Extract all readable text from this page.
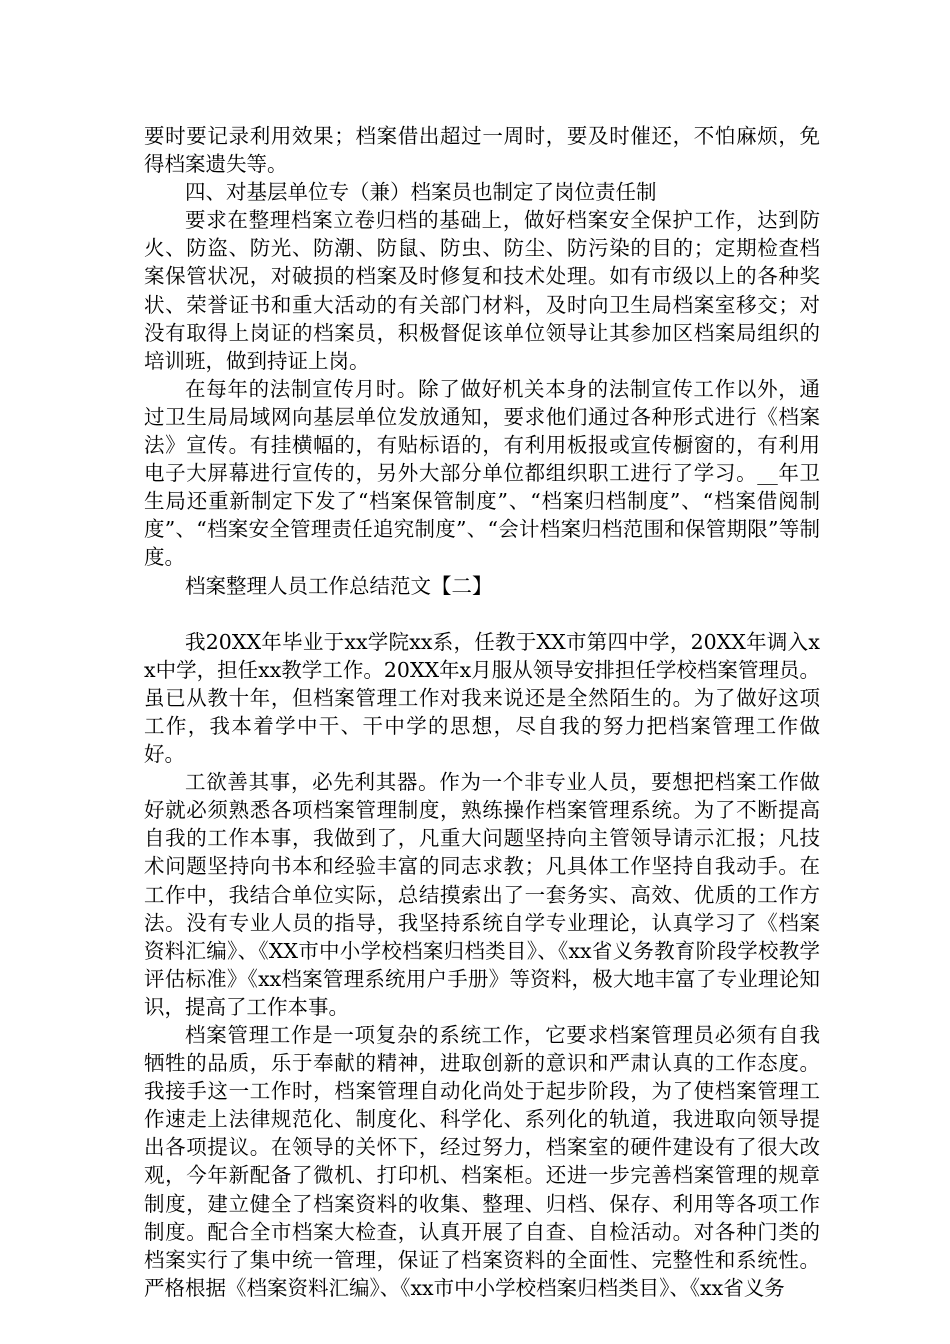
要时要记录利用效果；档案借出超过一周时，要及时催还，不怕麻烦，免得档案遗失等。

四、对基层单位专（兼）档案员也制定了岗位责任制

要求在整理档案立卷归档的基础上，做好档案安全保护工作，达到防火、防盗、防光、防潮、防鼠、防虫、防尘、防污染的目的；定期检查档案保管状况，对破损的档案及时修复和技术处理。如有市级以上的各种奖状、荣誉证书和重大活动的有关部门材料，及时向卫生局档案室移交；对没有取得上岗证的档案员，积极督促该单位领导让其参加区档案局组织的培训班，做到持证上岗。

在每年的法制宣传月时。除了做好机关本身的法制宣传工作以外，通过卫生局局域网向基层单位发放通知，要求他们通过各种形式进行《档案法》宣传。有挂横幅的，有贴标语的，有利用板报或宣传橱窗的，有利用电子大屏幕进行宣传的，另外大部分单位都组织职工进行了学习。__年卫生局还重新制定下发了“档案保管制度”、“档案归档制度”、“档案借阅制度”、“档案安全管理责任追究制度”、“会计档案归档范围和保管期限”等制度。

档案整理人员工作总结范文【二】

我20XX年毕业于xx学院xx系，任教于XX市第四中学，20XX年调入xx中学，担任xx教学工作。20XX年x月服从领导安排担任学校档案管理员。虽已从教十年，但档案管理工作对我来说还是全然陌生的。为了做好这项工作，我本着学中干、干中学的思想，尽自我的努力把档案管理工作做好。

工欲善其事，必先利其器。作为一个非专业人员，要想把档案工作做好就必须熟悉各项档案管理制度，熟练操作档案管理系统。为了不断提高自我的工作本事，我做到了，凡重大问题坚持向主管领导请示汇报；凡技术问题坚持向书本和经验丰富的同志求教；凡具体工作坚持自我动手。在工作中，我结合单位实际，总结摸索出了一套务实、高效、优质的工作方法。没有专业人员的指导，我坚持系统自学专业理论，认真学习了《档案资料汇编》、《XX市中小学校档案归档类目》、《xx省义务教育阶段学校教学评估标准》《xx档案管理系统用户手册》等资料，极大地丰富了专业理论知识，提高了工作本事。

档案管理工作是一项复杂的系统工作，它要求档案管理员必须有自我牺牲的品质，乐于奉献的精神，进取创新的意识和严肃认真的工作态度。我接手这一工作时，档案管理自动化尚处于起步阶段，为了使档案管理工作速走上法律规范化、制度化、科学化、系列化的轨道，我进取向领导提出各项提议。在领导的关怀下，经过努力，档案室的硬件建设有了很大改观，今年新配备了微机、打印机、档案柜。还进一步完善档案管理的规章制度，建立健全了档案资料的收集、整理、归档、保存、利用等各项工作制度。配合全市档案大检查，认真开展了自查、自检活动。对各种门类的档案实行了集中统一管理，保证了档案资料的全面性、完整性和系统性。严格根据《档案资料汇编》、《xx市中小学校档案归档类目》、《xx省义务
